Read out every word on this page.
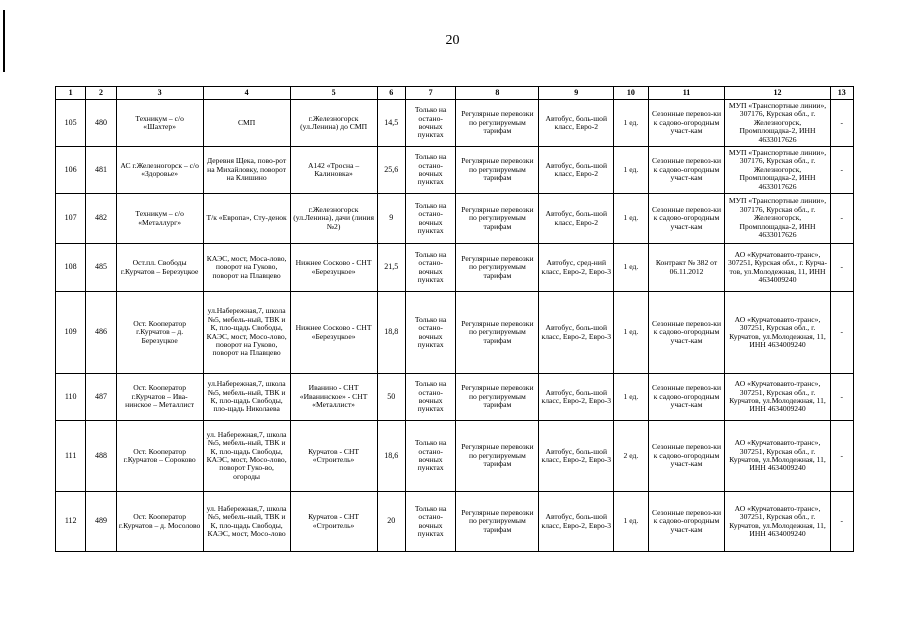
20
1	2	3	4	5	6	7	8	9	10	11	12	13
105	480	Техникум – с/о «Шахтер»	СМП	г.Железногорск (ул.Ленина) до СМП	14,5	Только на остано-вочных пунктах	Регулярные перевозки по регулируемым тарифам	Автобус, боль-шой класс, Евро-2	1 ед.	Сезонные перевоз-ки к садово-огородным участ-кам	МУП «Транспортные линии», 307176, Курская обл., г. Железногорск, Промплощадка-2, ИНН 4633017626	-
106	481	АС г.Железногорск – с/о «Здоровье»	Деревня Щека, пово-рот на Михайловку, поворот на Клишино	А142 «Тросна – Калиновка»	25,6	Только на остано-вочных пунктах	Регулярные перевозки по регулируемым тарифам	Автобус, боль-шой класс, Евро-2	1 ед.	Сезонные перевоз-ки к садово-огородным участ-кам	МУП «Транспортные линии», 307176, Курская обл., г. Железногорск, Промплощадка-2, ИНН 4633017626	-
107	482	Техникум – с/о «Металлург»	Т/к «Европа», Сту-денок	г.Железногорск (ул.Ленина), дачи (линия №2)	9	Только на остано-вочных пунктах	Регулярные перевозки по регулируемым тарифам	Автобус, боль-шой класс, Евро-2	1 ед.	Сезонные перевоз-ки к садово-огородным участ-кам	МУП «Транспортные линии», 307176, Курская обл., г. Железногорск, Промплощадка-2, ИНН 4633017626	-
108	485	Ост.пл. Свободы г.Курчатов – Березуцкое	КАЭС, мост, Моса-лово, поворот на Гуково, поворот на Плавцево	Нижнее Сосково - СНТ «Березуцкое»	21,5	Только на остано-вочных пунктах	Регулярные перевозки по регулируемым тарифам	Автобус, сред-ний класс, Евро-2, Евро-3	1 ед.	Контракт № 382 от 06.11.2012	АО «Курчатовавто-транс», 307251, Курская обл., г. Курча-тов, ул.Молодежная, 11, ИНН 4634009240	-
109	486	Ост. Кооператор г.Курчатов – д. Березуцкое	ул.Набережная,7, школа №5, мебель-ный, ТВК и К, пло-щадь Свободы, КАЭС, мост, Мосо-лово, поворот на Гуково, поворот на Плавцево	Нижнее Сосково - СНТ «Березуцкое»	18,8	Только на остано-вочных пунктах	Регулярные перевозки по регулируемым тарифам	Автобус, боль-шой класс, Евро-2, Евро-3	1 ед.	Сезонные перевоз-ки к садово-огородным участ-кам	АО «Курчатовавто-транс», 307251, Курская обл., г. Курчатов, ул.Молодежная, 11, ИНН 4634009240	-
110	487	Ост. Кооператор г.Курчатов – Ива-нинское – Металлист	ул.Набережная,7, школа №5, мебель-ный, ТВК и К, пло-щадь Свободы, пло-щадь Николаева	Иванино - СНТ «Иванинское» - СНТ «Металлист»	50	Только на остано-вочных пунктах	Регулярные перевозки по регулируемым тарифам	Автобус, боль-шой класс, Евро-2, Евро-3	1 ед.	Сезонные перевоз-ки к садово-огородным участ-кам	АО «Курчатовавто-транс», 307251, Курская обл., г. Курчатов, ул.Молодежная, 11, ИНН 4634009240	-
111	488	Ост. Кооператор г.Курчатов – Сороково	ул. Набережная,7, школа №5, мебель-ный, ТВК и К, пло-щадь Свободы, КАЭС, мост, Мосо-лово, поворот Гуко-во, огороды	Курчатов - СНТ «Строитель»	18,6	Только на остано-вочных пунктах	Регулярные перевозки по регулируемым тарифам	Автобус, боль-шой класс, Евро-2, Евро-3	2 ед.	Сезонные перевоз-ки к садово-огородным участ-кам	АО «Курчатовавто-транс», 307251, Курская обл., г. Курчатов, ул.Молодежная, 11, ИНН 4634009240	-
112	489	Ост. Кооператор г.Курчатов – д. Мосолово	ул. Набережная,7, школа №5, мебель-ный, ТВК и К, пло-щадь Свободы, КАЭС, мост, Мосо-лово	Курчатов - СНТ «Строитель»	20	Только на остано-вочных пунктах	Регулярные перевозки по регулируемым тарифам	Автобус, боль-шой класс, Евро-2, Евро-3	1 ед.	Сезонные перевоз-ки к садово-огородным участ-кам	АО «Курчатовавто-транс», 307251, Курская обл., г. Курчатов, ул.Молодежная, 11, ИНН 4634009240	-
